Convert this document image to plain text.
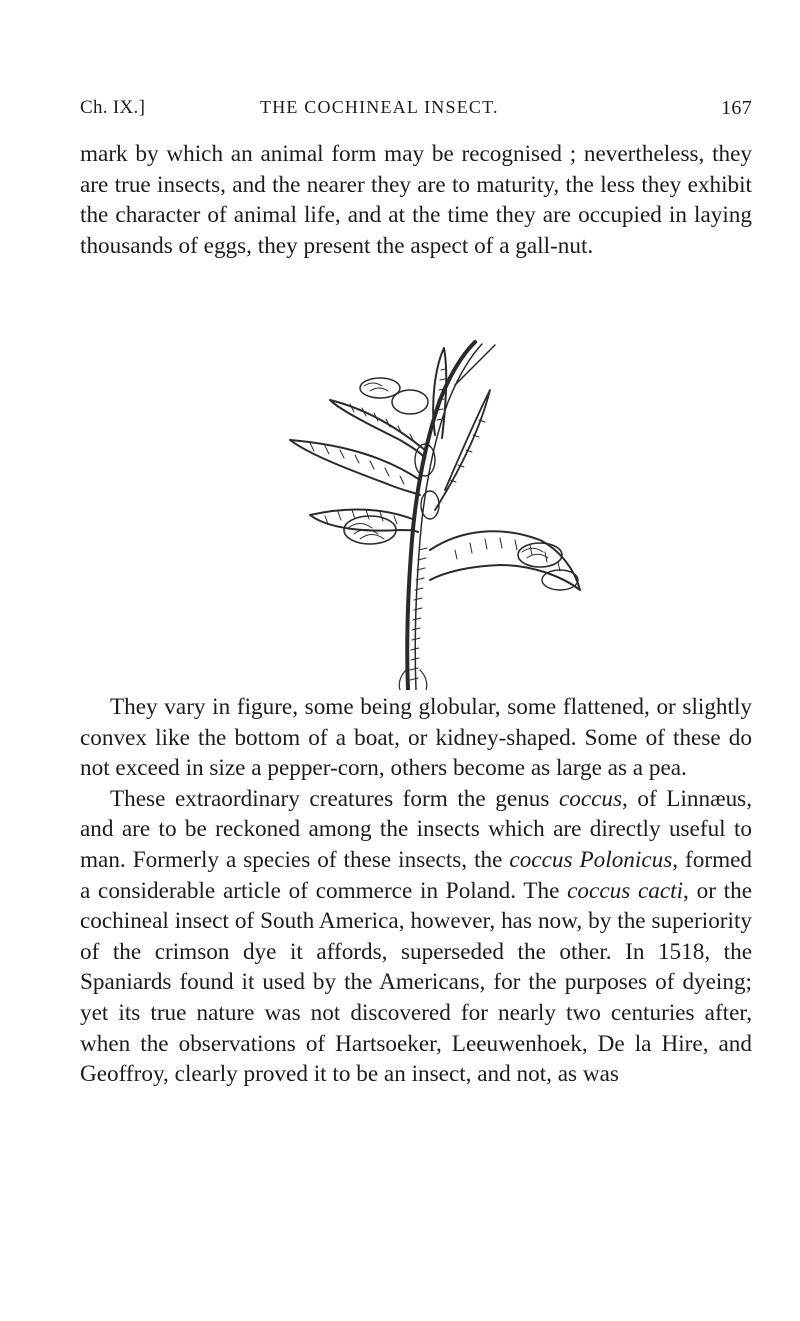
Ch. IX.]	THE COCHINEAL INSECT.	167

mark by which an animal form may be recognised ; nevertheless, they are true insects, and the nearer they are to maturity, the less they exhibit the character of animal life, and at the time they are occupied in laying thousands of eggs, they present the aspect of a gall-nut.

They vary in figure, some being globular, some flattened, or slightly convex like the bottom of a boat, or kidney-shaped. Some of these do not exceed in size a pepper-corn, others become as large as a pea.

These extraordinary creatures form the genus coccus, of Linnæus, and are to be reckoned among the insects which are directly useful to man. Formerly a species of these insects, the coccus Polonicus, formed a considerable article of commerce in Poland. The coccus cacti, or the cochineal insect of South America, however, has now, by the superiority of the crimson dye it affords, superseded the other. In 1518, the Spaniards found it used by the Americans, for the purposes of dyeing; yet its true nature was not discovered for nearly two centuries after, when the observations of Hartsoeker, Leeuwenhoek, De la Hire, and Geoffroy, clearly proved it to be an insect, and not, as was
